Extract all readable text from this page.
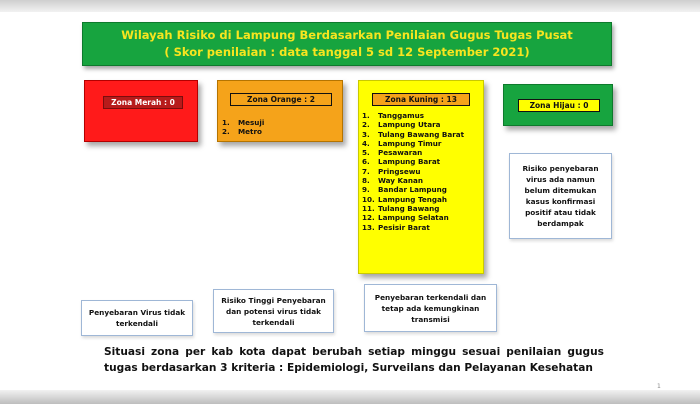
Wilayah Risiko di Lampung Berdasarkan Penilaian Gugus Tugas Pusat
( Skor penilaian : data tanggal 5 sd 12 September 2021)
Zona Merah : 0	Zona Orange : 2
1.	Mesuji
2.	Metro
Zona Kuning : 13
1.	Tanggamus
2.	Lampung Utara
3.	Tulang Bawang Barat
4.	Lampung Timur
5.	Pesawaran
6.	Lampung Barat
7.	Pringsewu
8.	Way Kanan
9.	Bandar Lampung
10. Lampung Tengah
11. Tulang Bawang
12. Lampung Selatan
13. Pesisir Barat
Zona Hijau : 0
Risiko penyebaran virus ada namun belum ditemukan kasus konfirmasi positif atau tidak berdampak
Penyebaran Virus tidak terkendali
Risiko Tinggi Penyebaran dan potensi virus tidak terkendali
Penyebaran terkendali dan tetap ada kemungkinan transmisi
Situasi zona per kab kota dapat berubah setiap minggu sesuai penilaian gugus tugas berdasarkan 3 kriteria : Epidemiologi, Surveilans dan Pelayanan Kesehatan
1
